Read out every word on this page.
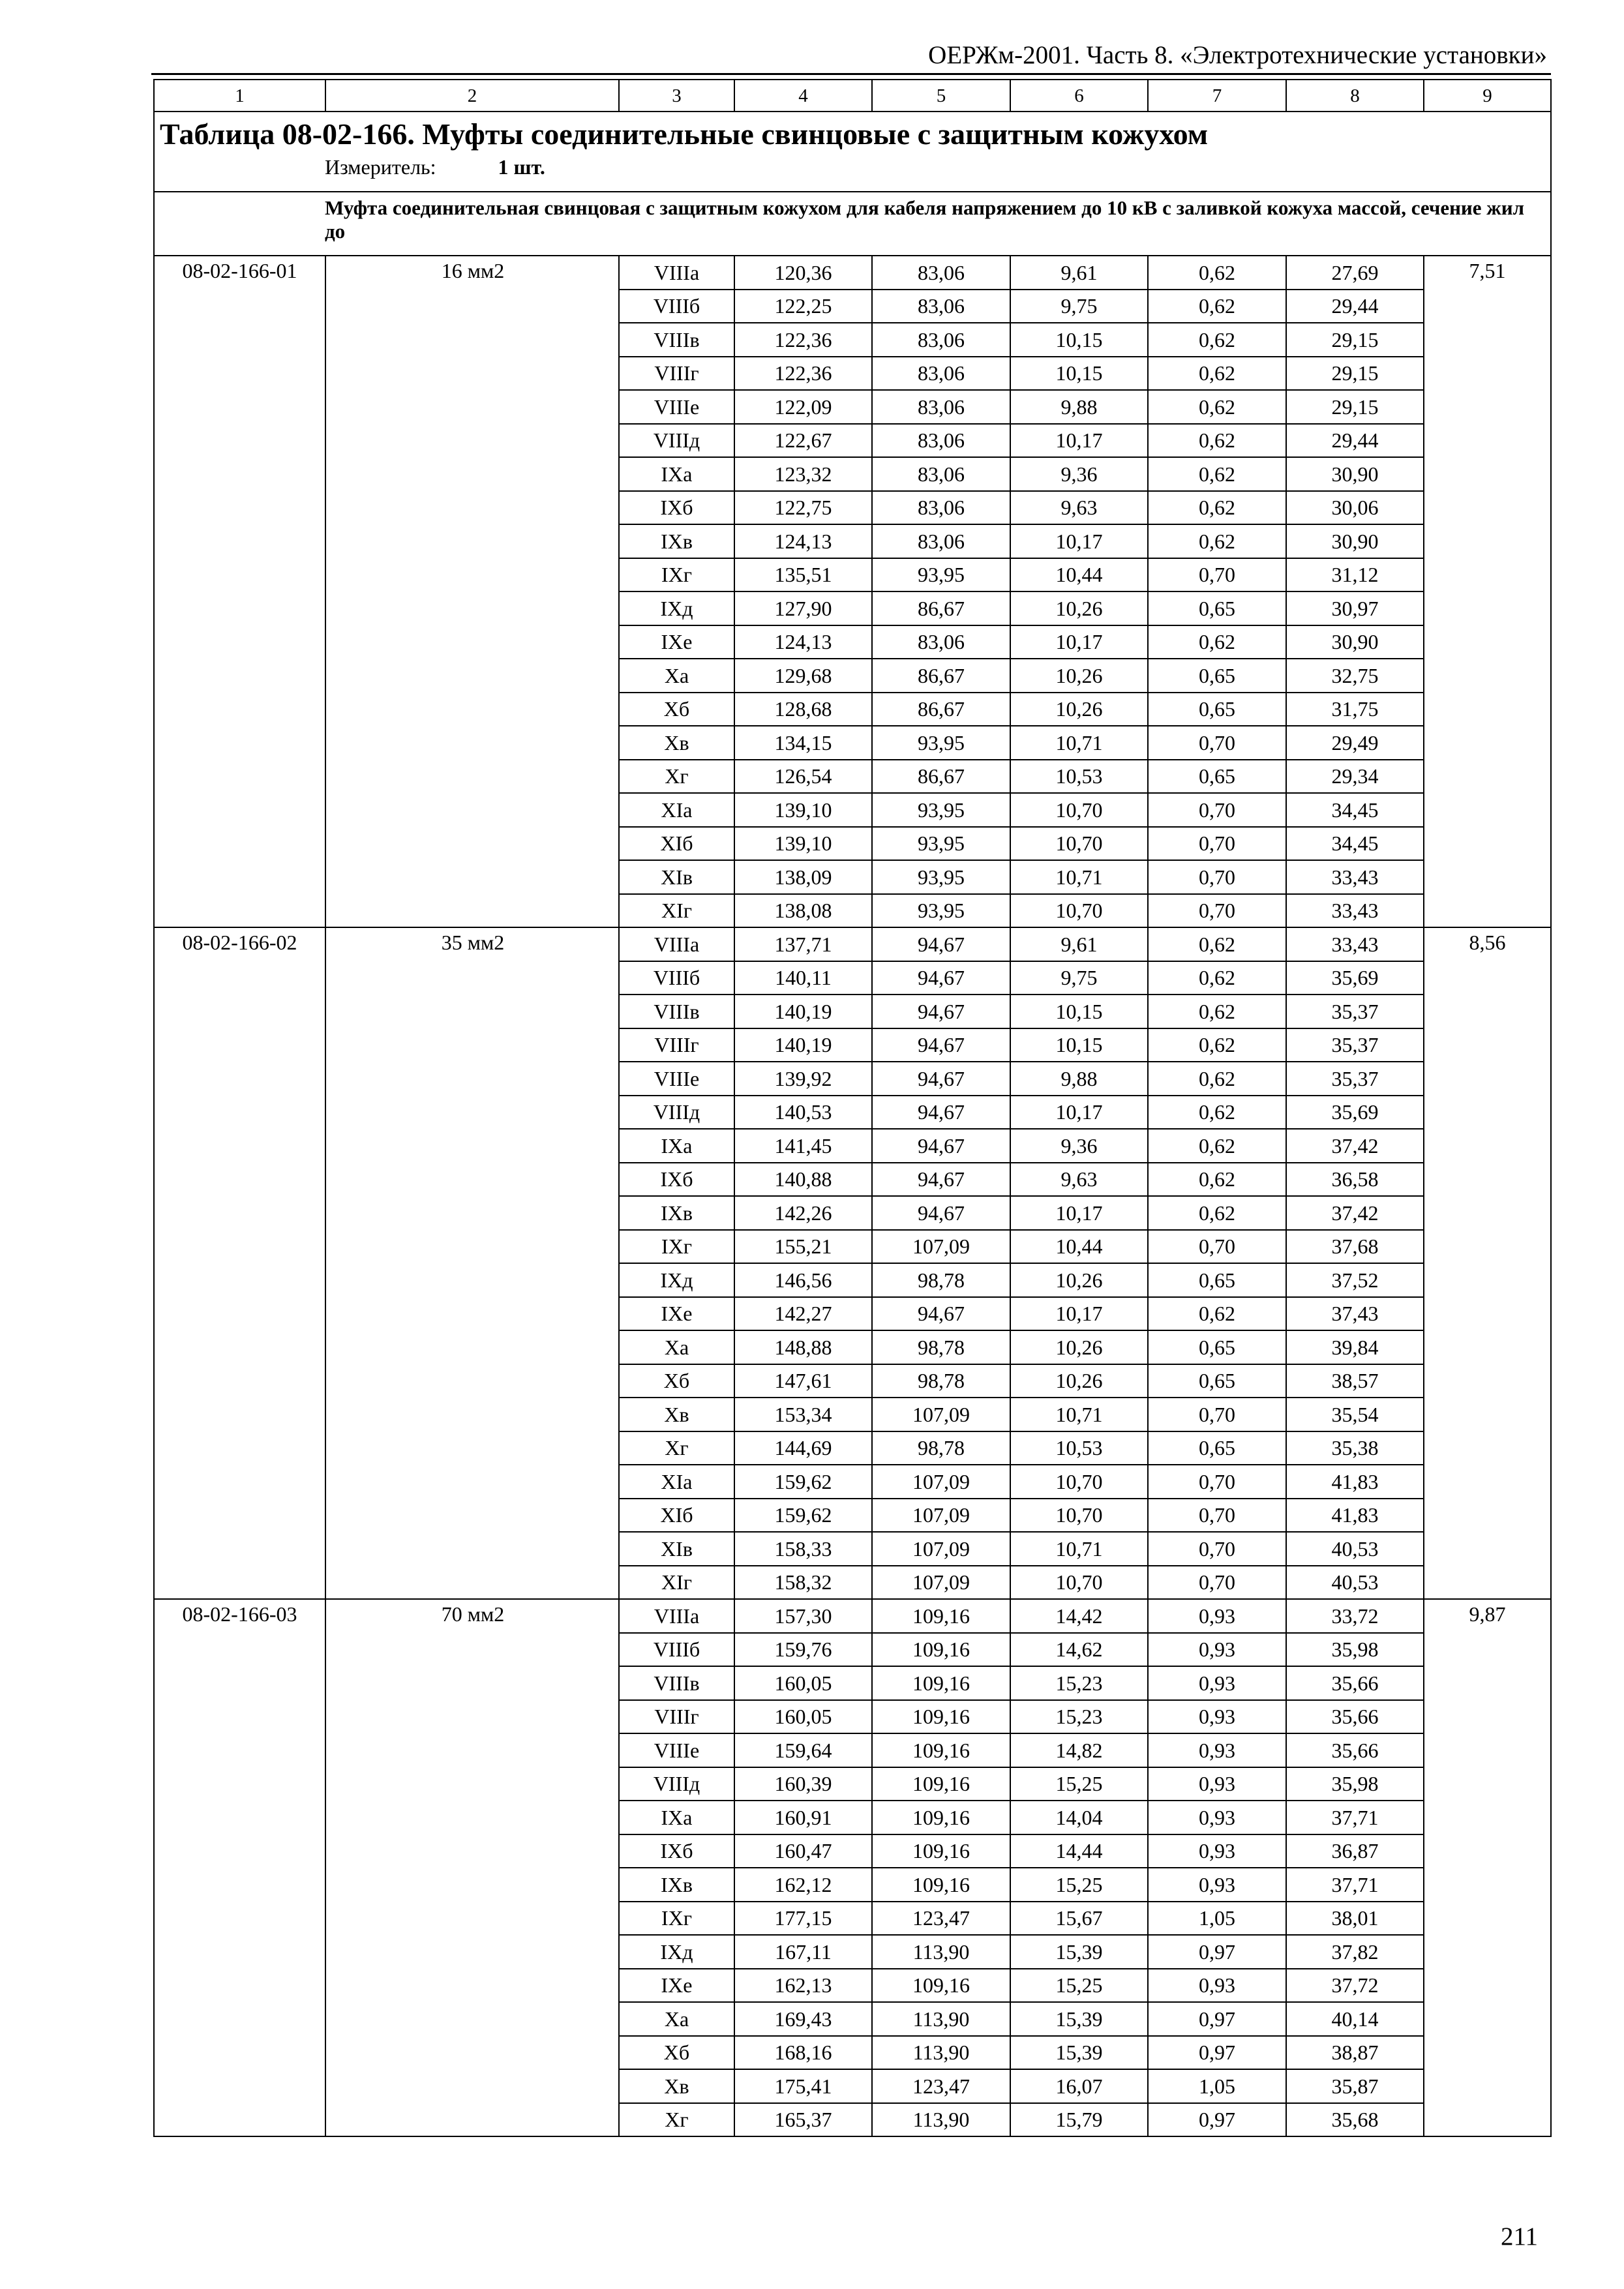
ОЕРЖм-2001. Часть 8. «Электротехнические установки»
1	2	3	4	5	6	7	8	9

Таблица 08-02-166. Муфты соединительные свинцовые с защитным кожухом
Измеритель: 1 шт.								

Муфта соединительная свинцовая с защитным кожухом для кабеля напряжением до 10 кВ с заливкой кожуха массой, сечение жил до								

08-02-166-01	16 мм2	VIIIа	120,36	83,06	9,61	0,62	27,69	7,51
		VIIIб	122,25	83,06	9,75	0,62	29,44	
		VIIIв	122,36	83,06	10,15	0,62	29,15	
		VIIIг	122,36	83,06	10,15	0,62	29,15	
		VIIIе	122,09	83,06	9,88	0,62	29,15	
		VIIIд	122,67	83,06	10,17	0,62	29,44	
		IXа	123,32	83,06	9,36	0,62	30,90	
		IXб	122,75	83,06	9,63	0,62	30,06	
		IXв	124,13	83,06	10,17	0,62	30,90	
		IXг	135,51	93,95	10,44	0,70	31,12	
		IXд	127,90	86,67	10,26	0,65	30,97	
		IXе	124,13	83,06	10,17	0,62	30,90	
		Xа	129,68	86,67	10,26	0,65	32,75	
		Xб	128,68	86,67	10,26	0,65	31,75	
		Xв	134,15	93,95	10,71	0,70	29,49	
		Xг	126,54	86,67	10,53	0,65	29,34	
		XIа	139,10	93,95	10,70	0,70	34,45	
		XIб	139,10	93,95	10,70	0,70	34,45	
		XIв	138,09	93,95	10,71	0,70	33,43	
		XIг	138,08	93,95	10,70	0,70	33,43	
08-02-166-02	35 мм2	VIIIа	137,71	94,67	9,61	0,62	33,43	8,56
		VIIIб	140,11	94,67	9,75	0,62	35,69	
		VIIIв	140,19	94,67	10,15	0,62	35,37	
		VIIIг	140,19	94,67	10,15	0,62	35,37	
		VIIIе	139,92	94,67	9,88	0,62	35,37	
		VIIIд	140,53	94,67	10,17	0,62	35,69	
		IXа	141,45	94,67	9,36	0,62	37,42	
		IXб	140,88	94,67	9,63	0,62	36,58	
		IXв	142,26	94,67	10,17	0,62	37,42	
		IXг	155,21	107,09	10,44	0,70	37,68	
		IXд	146,56	98,78	10,26	0,65	37,52	
		IXе	142,27	94,67	10,17	0,62	37,43	
		Xа	148,88	98,78	10,26	0,65	39,84	
		Xб	147,61	98,78	10,26	0,65	38,57	
		Xв	153,34	107,09	10,71	0,70	35,54	
		Xг	144,69	98,78	10,53	0,65	35,38	
		XIа	159,62	107,09	10,70	0,70	41,83	
		XIб	159,62	107,09	10,70	0,70	41,83	
		XIв	158,33	107,09	10,71	0,70	40,53	
		XIг	158,32	107,09	10,70	0,70	40,53	
08-02-166-03	70 мм2	VIIIа	157,30	109,16	14,42	0,93	33,72	9,87
		VIIIб	159,76	109,16	14,62	0,93	35,98	
		VIIIв	160,05	109,16	15,23	0,93	35,66	
		VIIIг	160,05	109,16	15,23	0,93	35,66	
		VIIIе	159,64	109,16	14,82	0,93	35,66	
		VIIIд	160,39	109,16	15,25	0,93	35,98	
		IXа	160,91	109,16	14,04	0,93	37,71	
		IXб	160,47	109,16	14,44	0,93	36,87	
		IXв	162,12	109,16	15,25	0,93	37,71	
		IXг	177,15	123,47	15,67	1,05	38,01	
		IXд	167,11	113,90	15,39	0,97	37,82	
		IXе	162,13	109,16	15,25	0,93	37,72	
		Xа	169,43	113,90	15,39	0,97	40,14	
		Xб	168,16	113,90	15,39	0,97	38,87	
		Xв	175,41	123,47	16,07	1,05	35,87	
		Xг	165,37	113,90	15,79	0,97	35,68	
211
